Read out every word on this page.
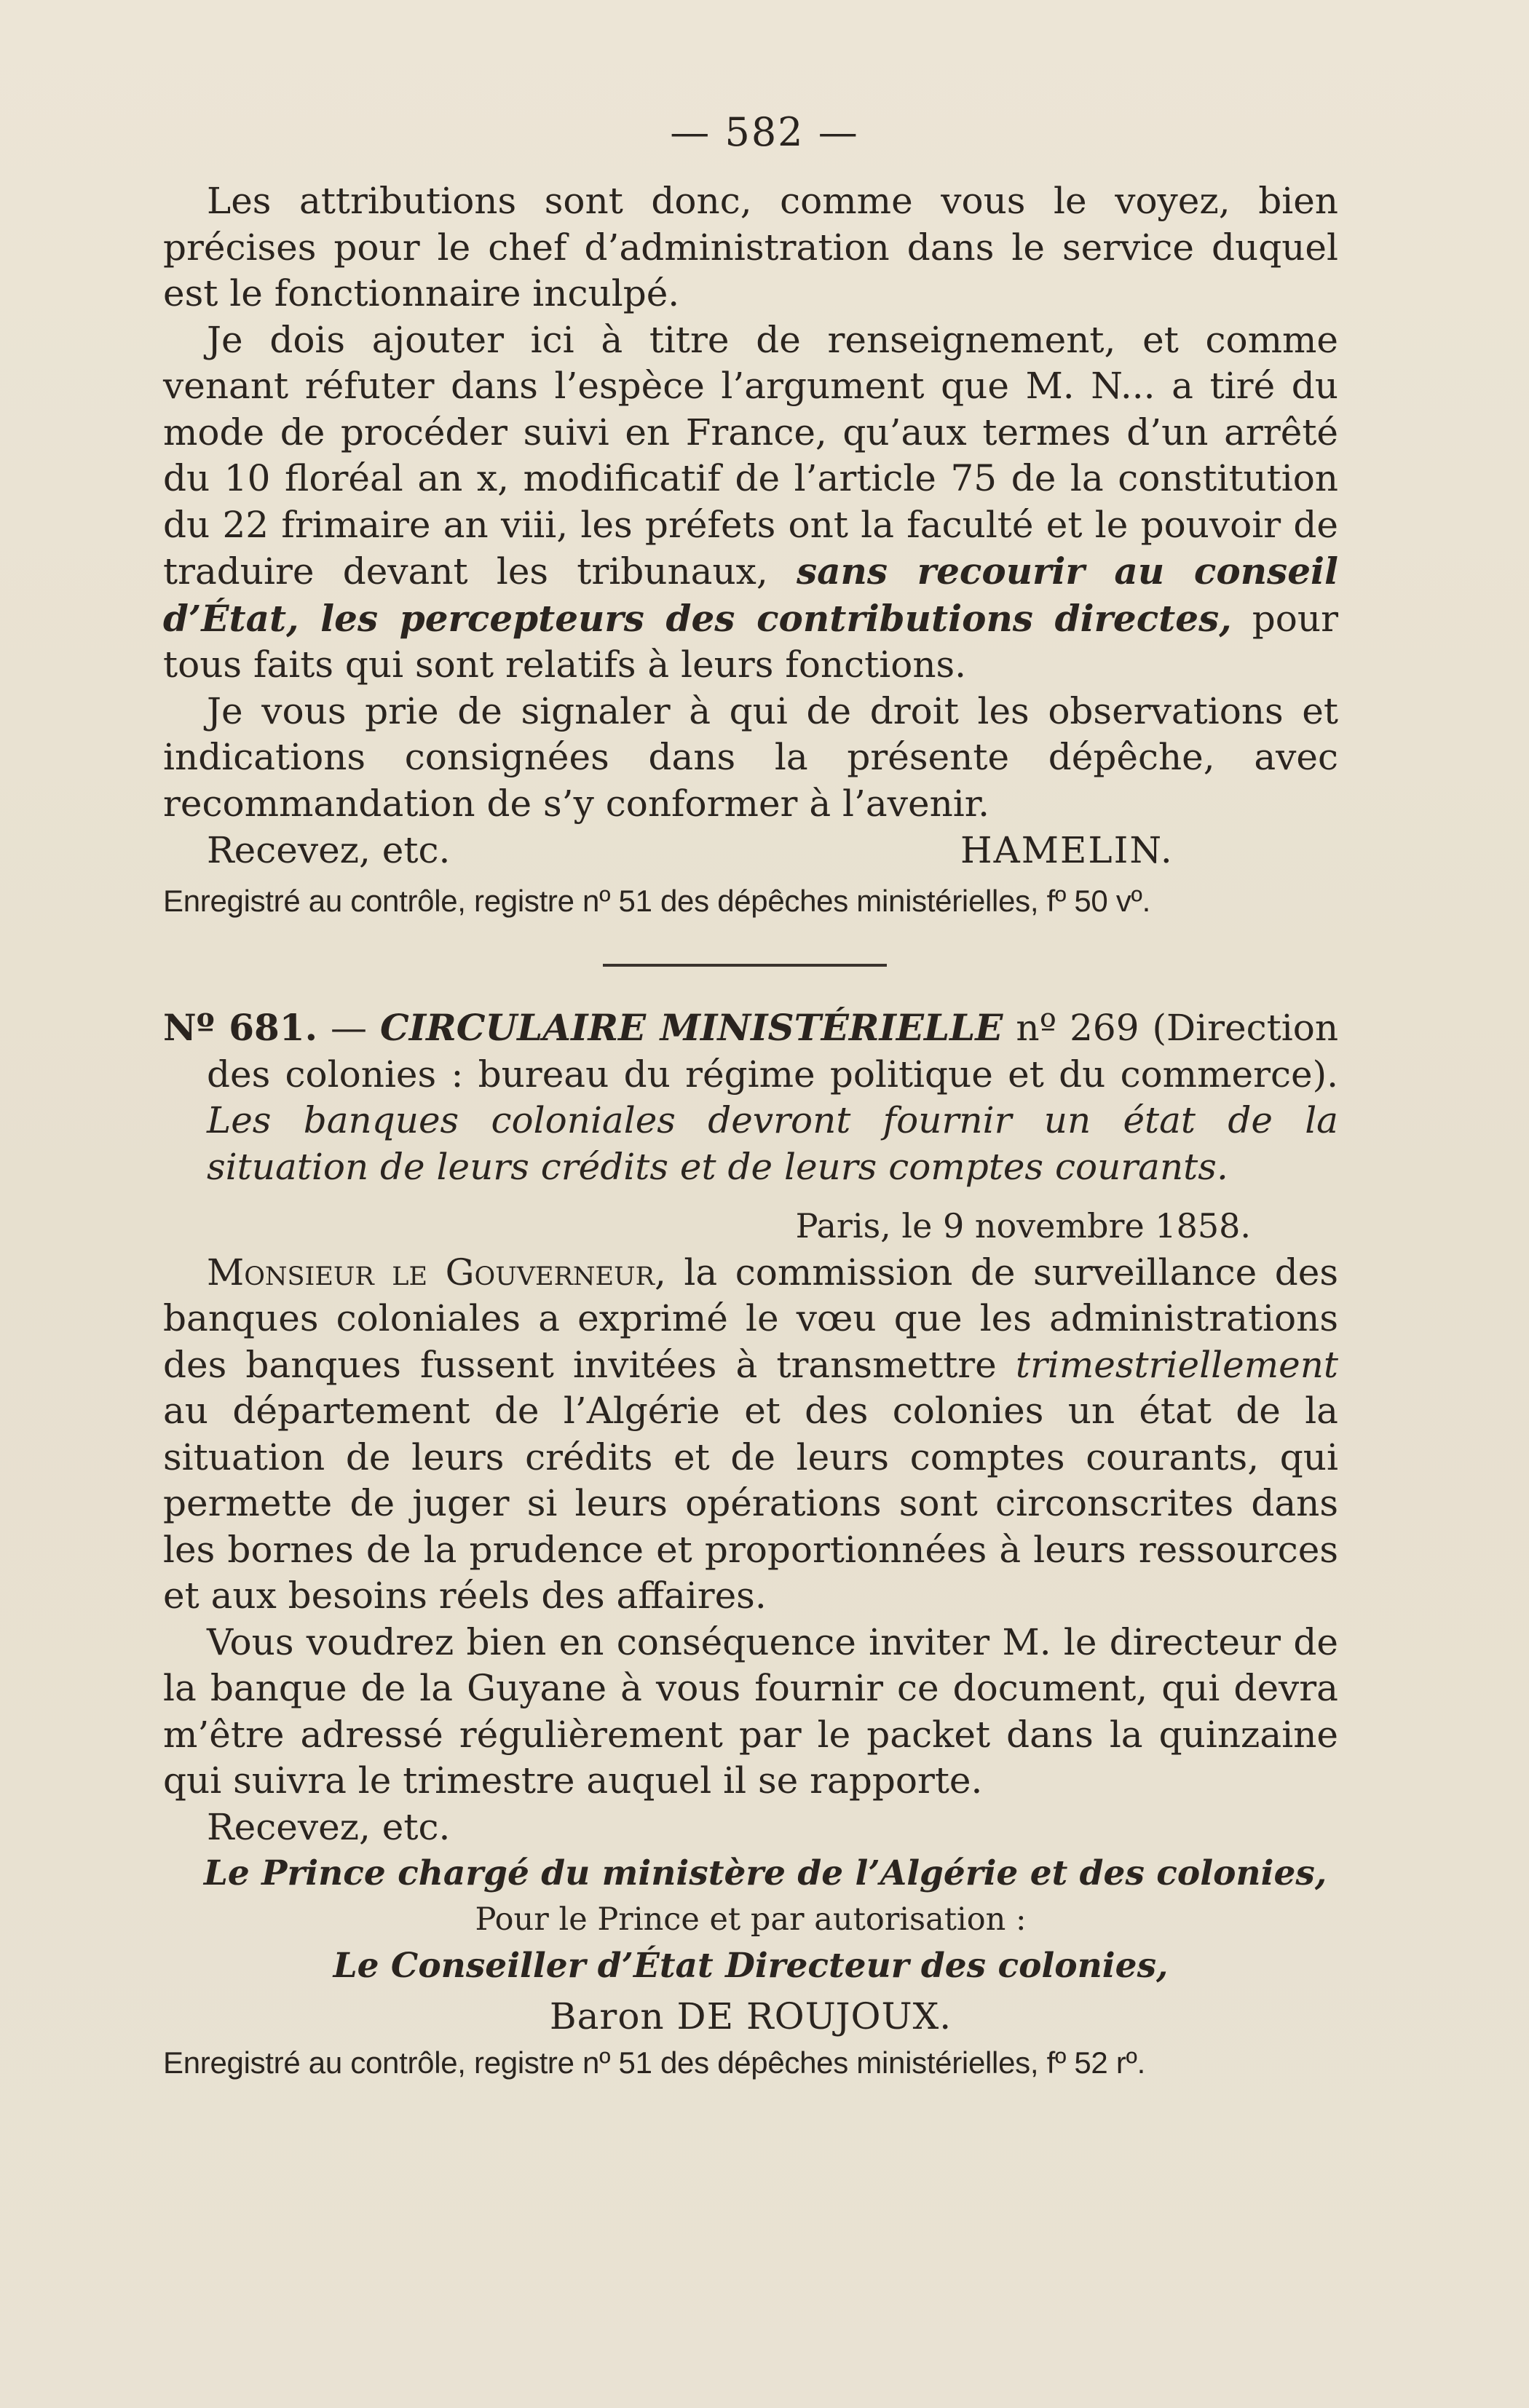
— 582 —

Les attributions sont donc, comme vous le voyez, bien précises pour le chef d’administration dans le service duquel est le fonctionnaire inculpé.

Je dois ajouter ici à titre de renseignement, et comme venant réfuter dans l’espèce l’argument que M. N... a tiré du mode de procéder suivi en France, qu’aux termes d’un arrêté du 10 floréal an x, modificatif de l’article 75 de la constitution du 22 frimaire an viii, les préfets ont la faculté et le pouvoir de traduire devant les tribunaux, sans recourir au conseil d’État, les percepteurs des contributions directes, pour tous faits qui sont relatifs à leurs fonctions.

Je vous prie de signaler à qui de droit les observations et indications consignées dans la présente dépêche, avec recommandation de s’y conformer à l’avenir.

Recevez, etc.	HAMELIN.
Enregistré au contrôle, registre nº 51 des dépêches ministérielles, fº 50 vº.

Nº 681. — CIRCULAIRE MINISTÉRIELLE nº 269 (Direction des colonies : bureau du régime politique et du commerce). Les banques coloniales devront fournir un état de la situation de leurs crédits et de leurs comptes courants.

Paris, le 9 novembre 1858.

Monsieur le Gouverneur, la commission de surveillance des banques coloniales a exprimé le vœu que les administrations des banques fussent invitées à transmettre trimestriellement au département de l’Algérie et des colonies un état de la situation de leurs crédits et de leurs comptes courants, qui permette de juger si leurs opérations sont circonscrites dans les bornes de la prudence et proportionnées à leurs ressources et aux besoins réels des affaires.

Vous voudrez bien en conséquence inviter M. le directeur de la banque de la Guyane à vous fournir ce document, qui devra m’être adressé régulièrement par le packet dans la quinzaine qui suivra le trimestre auquel il se rapporte.

Recevez, etc.

Le Prince chargé du ministère de l’Algérie et des colonies,

Pour le Prince et par autorisation :

Le Conseiller d’État Directeur des colonies,

Baron DE ROUJOUX.

Enregistré au contrôle, registre nº 51 des dépêches ministérielles, fº 52 rº.
